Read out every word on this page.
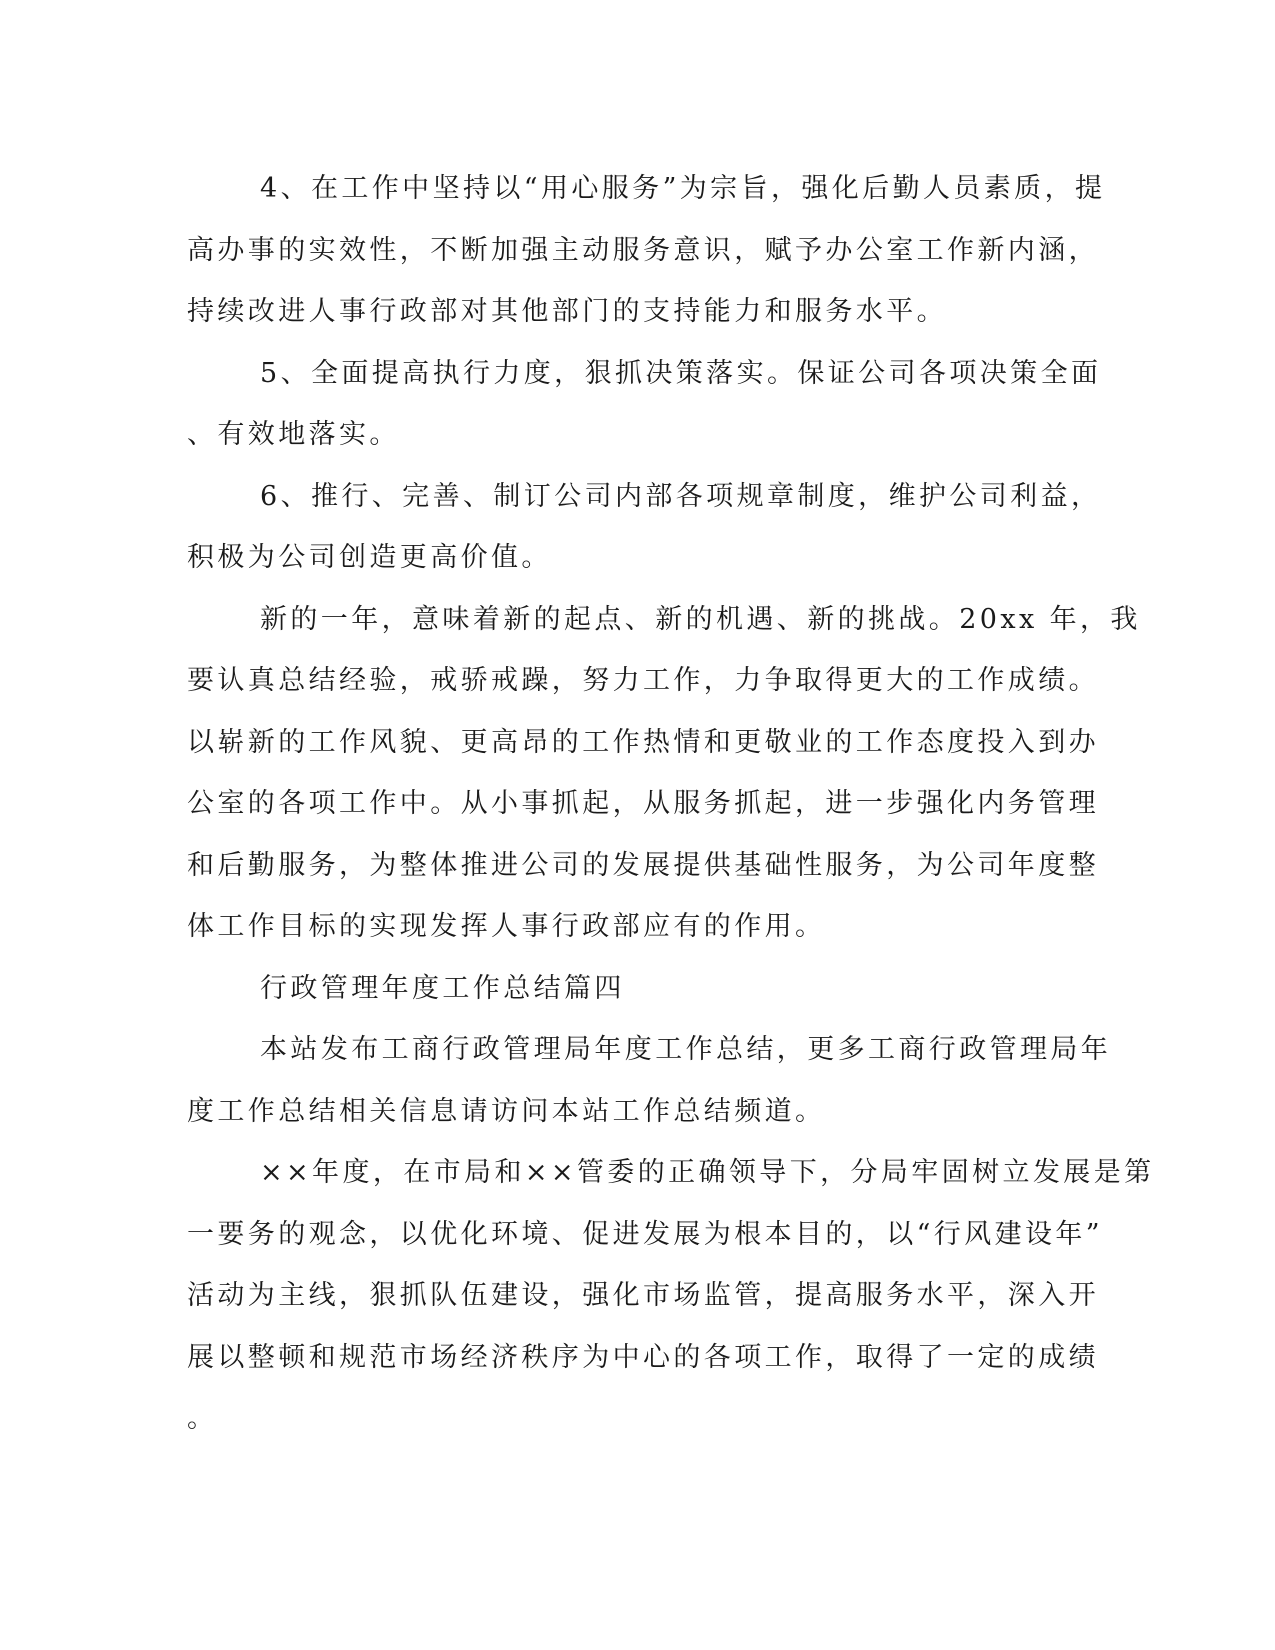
4、在工作中坚持以“用心服务”为宗旨，强化后勤人员素质，提
高办事的实效性，不断加强主动服务意识，赋予办公室工作新内涵，
持续改进人事行政部对其他部门的支持能力和服务水平。
5、全面提高执行力度，狠抓决策落实。保证公司各项决策全面
、有效地落实。
6、推行、完善、制订公司内部各项规章制度，维护公司利益，
积极为公司创造更高价值。
新的一年，意味着新的起点、新的机遇、新的挑战。20xx 年，我
要认真总结经验，戒骄戒躁，努力工作，力争取得更大的工作成绩。
以崭新的工作风貌、更高昂的工作热情和更敬业的工作态度投入到办
公室的各项工作中。从小事抓起，从服务抓起，进一步强化内务管理
和后勤服务，为整体推进公司的发展提供基础性服务，为公司年度整
体工作目标的实现发挥人事行政部应有的作用。
行政管理年度工作总结篇四
本站发布工商行政管理局年度工作总结，更多工商行政管理局年
度工作总结相关信息请访问本站工作总结频道。
××年度，在市局和××管委的正确领导下，分局牢固树立发展是第
一要务的观念，以优化环境、促进发展为根本目的，以“行风建设年”
活动为主线，狠抓队伍建设，强化市场监管，提高服务水平，深入开
展以整顿和规范市场经济秩序为中心的各项工作，取得了一定的成绩
。
